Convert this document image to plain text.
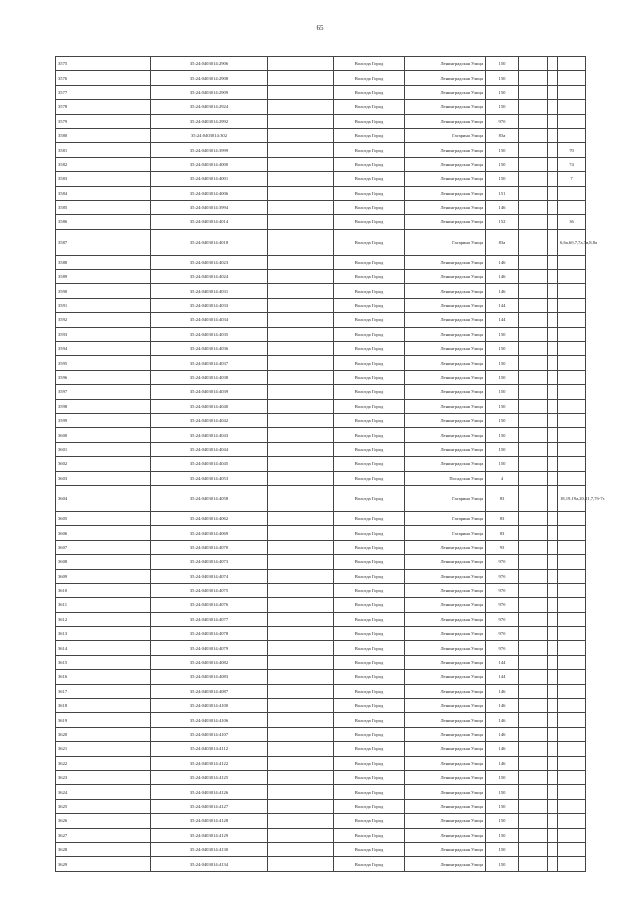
65
3575	35:24:0403014:2906		Вологда Город	Ленинградская Улица	150			
3576	35:24:0403014:2908		Вологда Город	Ленинградская Улица	150			
3577	35:24:0403014:2909		Вологда Город	Ленинградская Улица	150			
3578	35:24:0403014:2924		Вологда Город	Ленинградская Улица	150			
3579	35:24:0403014:2992		Вологда Город	Ленинградская Улица	97б			
3580	35:24:0403014:302		Вологда Город	Гагарина Улица	83а			
3581	35:24:0403014:3999		Вологда Город	Ленинградская Улица	150			70
3582	35:24:0403014:4000		Вологда Город	Ленинградская Улица	150			74
3583	35:24:0403014:4001		Вологда Город	Ленинградская Улица	150			7
3584	35:24:0403014:4006		Вологда Город	Ленинградская Улица	151			
3585	35:24:0403014:3994		Вологда Город	Ленинградская Улица	146			
3586	35:24:0403014:4014		Вологда Город	Ленинградская Улица	152			36
3587	35:24:0403014:4018		Вологда Город	Гагарина Улица	83а			6,6а,6б,7,7а,7в,8,8а
3588	35:24:0403014:4023		Вологда Город	Ленинградская Улица	146			
3589	35:24:0403014:4024		Вологда Город	Ленинградская Улица	146			
3590	35:24:0403014:4031		Вологда Город	Ленинградская Улица	146			
3591	35:24:0403014:4033		Вологда Город	Ленинградская Улица	144			
3592	35:24:0403014:4034		Вологда Город	Ленинградская Улица	144			
3593	35:24:0403014:4035		Вологда Город	Ленинградская Улица	150			
3594	35:24:0403014:4036		Вологда Город	Ленинградская Улица	150			
3595	35:24:0403014:4037		Вологда Город	Ленинградская Улица	150			
3596	35:24:0403014:4038		Вологда Город	Ленинградская Улица	150			
3597	35:24:0403014:4039		Вологда Город	Ленинградская Улица	150			
3598	35:24:0403014:4040		Вологда Город	Ленинградская Улица	150			
3599	35:24:0403014:4042		Вологда Город	Ленинградская Улица	150			
3600	35:24:0403014:4043		Вологда Город	Ленинградская Улица	150			
3601	35:24:0403014:4044		Вологда Город	Ленинградская Улица	150			
3602	35:24:0403014:4045		Вологда Город	Ленинградская Улица	150			
3603	35:24:0403014:4053		Вологда Город	Посадская Улица	4			
3604	35:24:0403014:4058		Вологда Город	Гагарина Улица	83			18,19,19а,20,21,7,7б-7з
3605	35:24:0403014:4062		Вологда Город	Гагарина Улица	83			
3606	35:24:0403014:4069		Вологда Город	Гагарина Улица	83			
3607	35:24:0403014:4070		Вологда Город	Ленинградская Улица	93			
3608	35:24:0403014:4073		Вологда Город	Ленинградская Улица	97б			
3609	35:24:0403014:4074		Вологда Город	Ленинградская Улица	97б			
3610	35:24:0403014:4075		Вологда Город	Ленинградская Улица	97б			
3611	35:24:0403014:4076		Вологда Город	Ленинградская Улица	97б			
3612	35:24:0403014:4077		Вологда Город	Ленинградская Улица	97б			
3613	35:24:0403014:4078		Вологда Город	Ленинградская Улица	97б			
3614	35:24:0403014:4079		Вологда Город	Ленинградская Улица	97б			
3615	35:24:0403014:4082		Вологда Город	Ленинградская Улица	144			
3616	35:24:0403014:4083		Вологда Город	Ленинградская Улица	144			
3617	35:24:0403014:4087		Вологда Город	Ленинградская Улица	146			
3618	35:24:0403014:4100		Вологда Город	Ленинградская Улица	146			
3619	35:24:0403014:4106		Вологда Город	Ленинградская Улица	146			
3620	35:24:0403014:4107		Вологда Город	Ленинградская Улица	146			
3621	35:24:0403014:4112		Вологда Город	Ленинградская Улица	146			
3622	35:24:0403014:4122		Вологда Город	Ленинградская Улица	146			
3623	35:24:0403014:4125		Вологда Город	Ленинградская Улица	150			
3624	35:24:0403014:4126		Вологда Город	Ленинградская Улица	150			
3625	35:24:0403014:4127		Вологда Город	Ленинградская Улица	150			
3626	35:24:0403014:4128		Вологда Город	Ленинградская Улица	150			
3627	35:24:0403014:4129		Вологда Город	Ленинградская Улица	150			
3628	35:24:0403014:4130		Вологда Город	Ленинградская Улица	150			
3629	35:24:0403014:4134		Вологда Город	Ленинградская Улица	150			
